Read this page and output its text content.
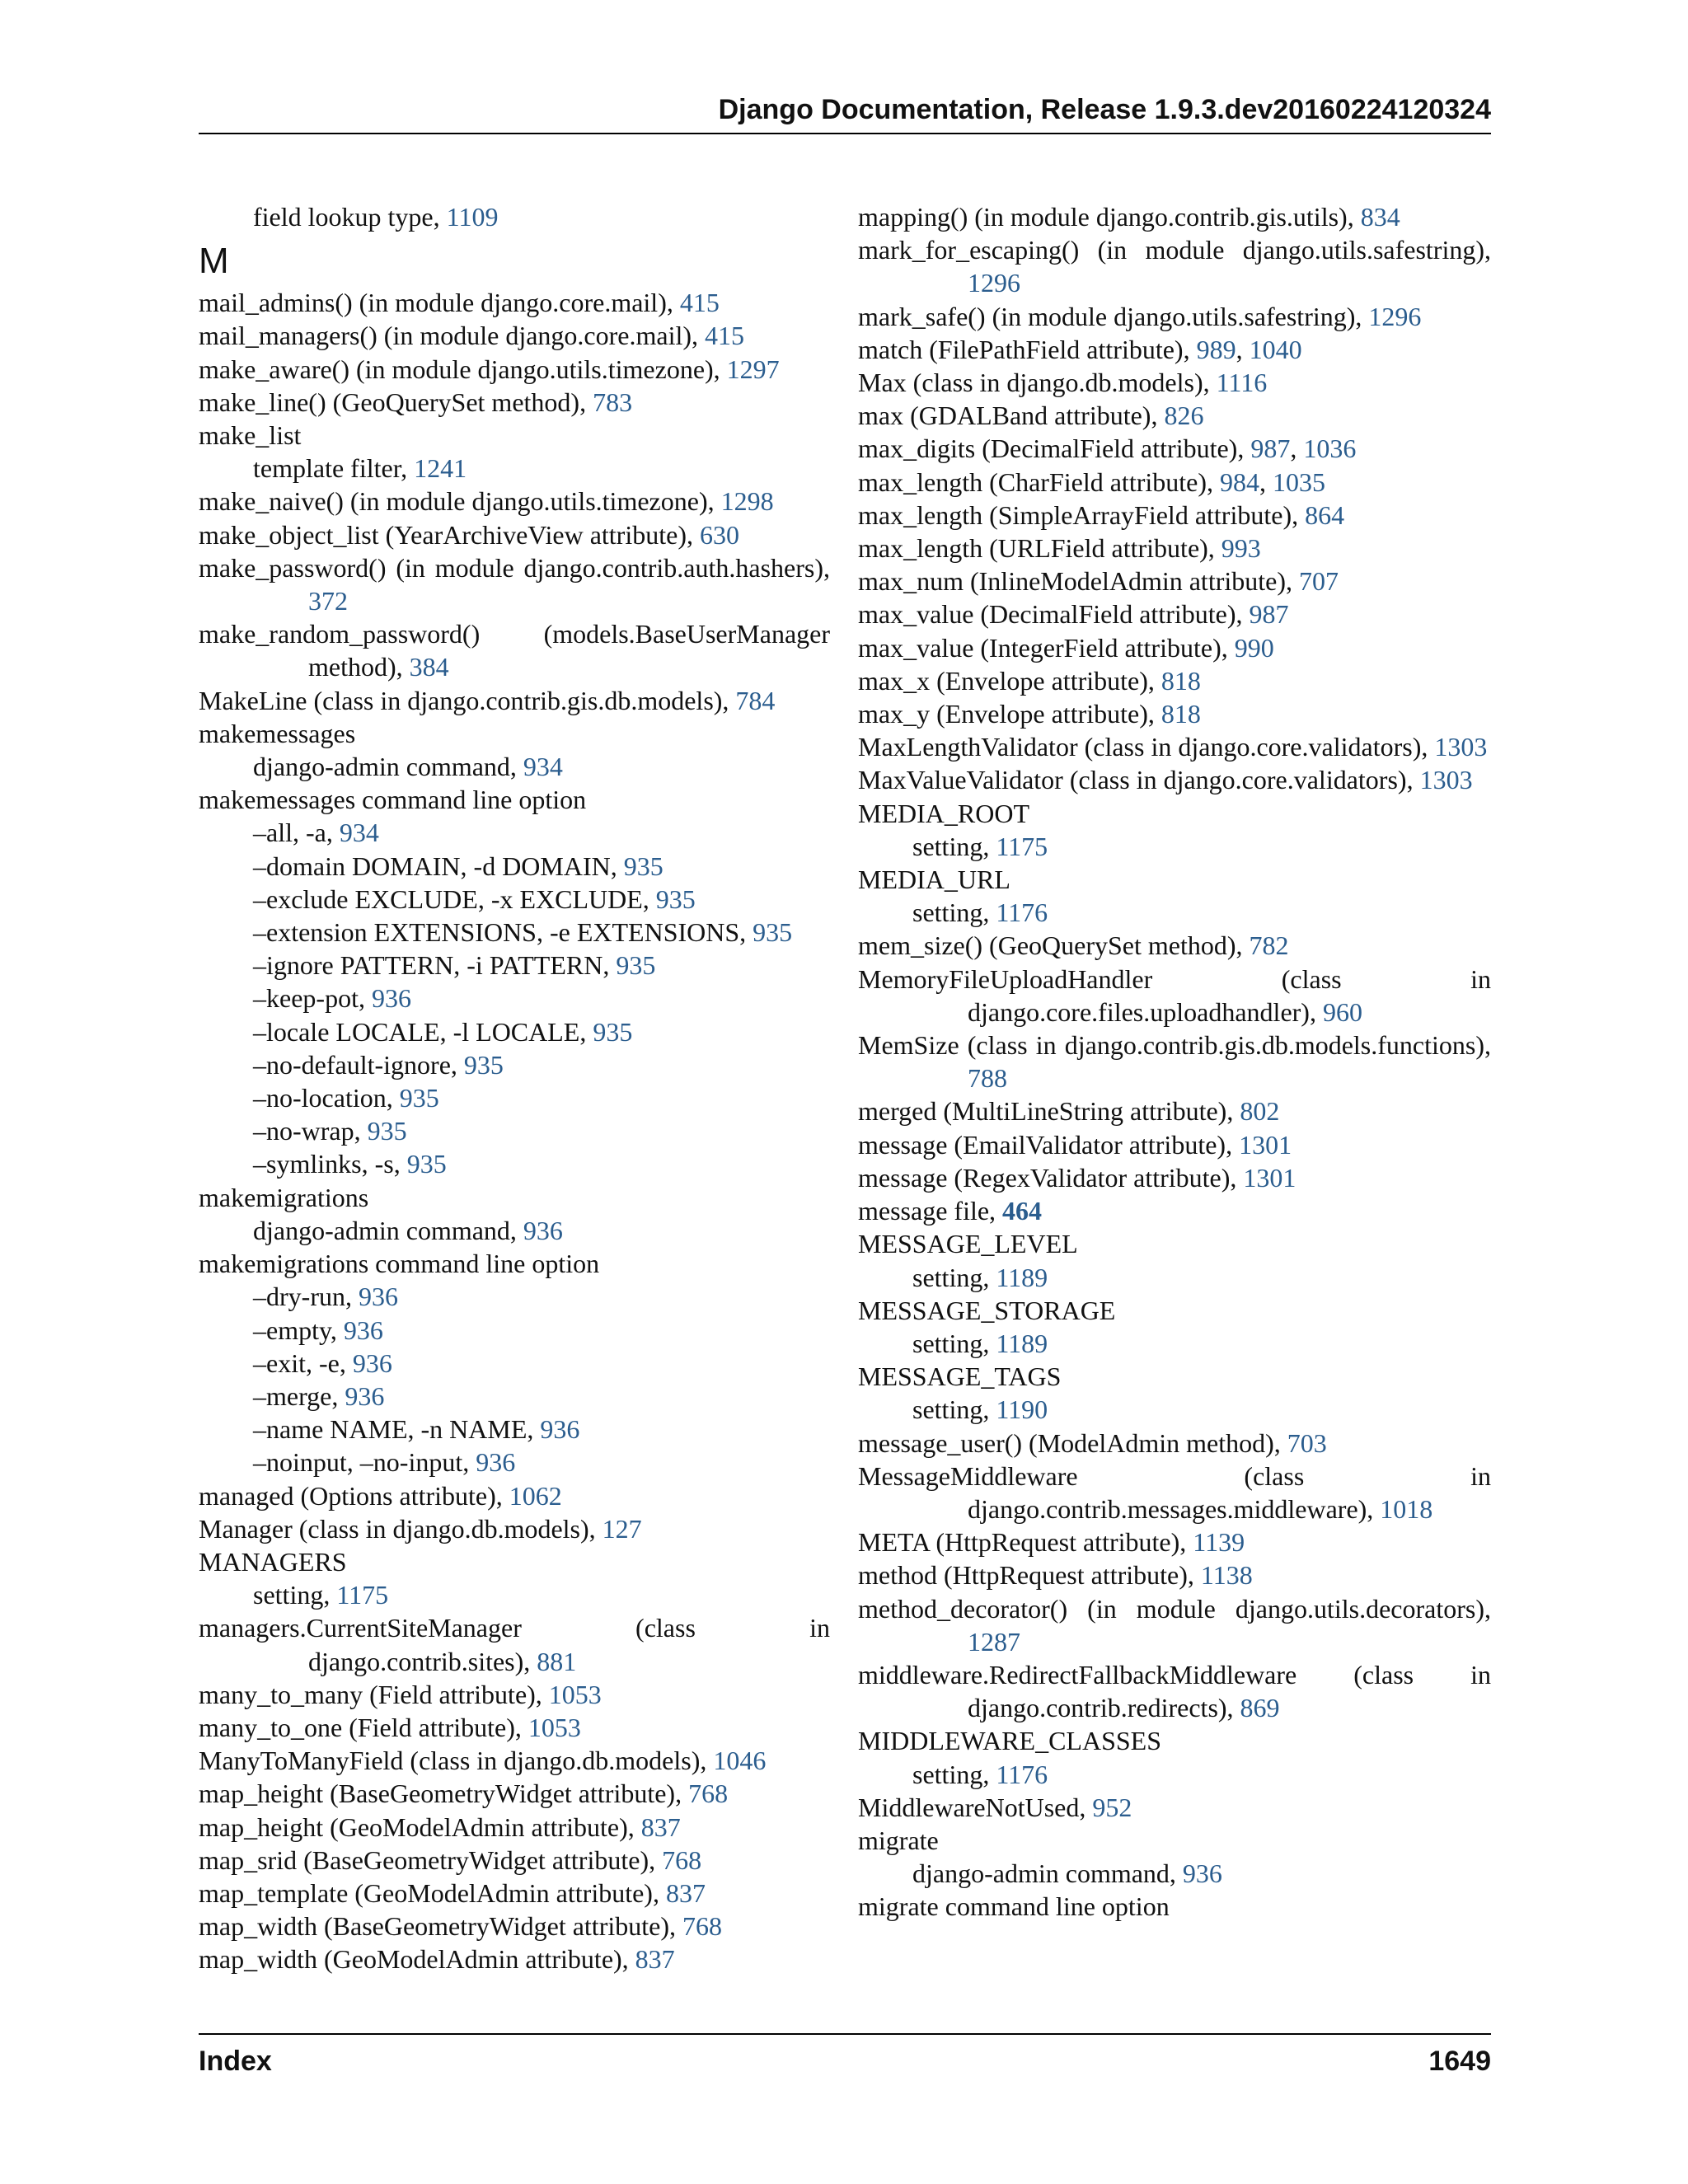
Django Documentation, Release 1.9.3.dev20160224120324
field lookup type, 1109
M
mail_admins() (in module django.core.mail), 415
mail_managers() (in module django.core.mail), 415
make_aware() (in module django.utils.timezone), 1297
make_line() (GeoQuerySet method), 783
make_list
template filter, 1241
make_naive() (in module django.utils.timezone), 1298
make_object_list (YearArchiveView attribute), 630
make_password() (in module django.contrib.auth.hashers), 372
make_random_password() (models.BaseUserManager method), 384
MakeLine (class in django.contrib.gis.db.models), 784
makemessages
django-admin command, 934
makemessages command line option
–all, -a, 934
–domain DOMAIN, -d DOMAIN, 935
–exclude EXCLUDE, -x EXCLUDE, 935
–extension EXTENSIONS, -e EXTENSIONS, 935
–ignore PATTERN, -i PATTERN, 935
–keep-pot, 936
–locale LOCALE, -l LOCALE, 935
–no-default-ignore, 935
–no-location, 935
–no-wrap, 935
–symlinks, -s, 935
makemigrations
django-admin command, 936
makemigrations command line option
–dry-run, 936
–empty, 936
–exit, -e, 936
–merge, 936
–name NAME, -n NAME, 936
–noinput, –no-input, 936
managed (Options attribute), 1062
Manager (class in django.db.models), 127
MANAGERS
setting, 1175
managers.CurrentSiteManager (class in django.contrib.sites), 881
many_to_many (Field attribute), 1053
many_to_one (Field attribute), 1053
ManyToManyField (class in django.db.models), 1046
map_height (BaseGeometryWidget attribute), 768
map_height (GeoModelAdmin attribute), 837
map_srid (BaseGeometryWidget attribute), 768
map_template (GeoModelAdmin attribute), 837
map_width (BaseGeometryWidget attribute), 768
map_width (GeoModelAdmin attribute), 837
mapping() (in module django.contrib.gis.utils), 834
mark_for_escaping() (in module django.utils.safestring), 1296
mark_safe() (in module django.utils.safestring), 1296
match (FilePathField attribute), 989, 1040
Max (class in django.db.models), 1116
max (GDALBand attribute), 826
max_digits (DecimalField attribute), 987, 1036
max_length (CharField attribute), 984, 1035
max_length (SimpleArrayField attribute), 864
max_length (URLField attribute), 993
max_num (InlineModelAdmin attribute), 707
max_value (DecimalField attribute), 987
max_value (IntegerField attribute), 990
max_x (Envelope attribute), 818
max_y (Envelope attribute), 818
MaxLengthValidator (class in django.core.validators), 1303
MaxValueValidator (class in django.core.validators), 1303
MEDIA_ROOT
setting, 1175
MEDIA_URL
setting, 1176
mem_size() (GeoQuerySet method), 782
MemoryFileUploadHandler (class in django.core.files.uploadhandler), 960
MemSize (class in django.contrib.gis.db.models.functions), 788
merged (MultiLineString attribute), 802
message (EmailValidator attribute), 1301
message (RegexValidator attribute), 1301
message file, 464
MESSAGE_LEVEL
setting, 1189
MESSAGE_STORAGE
setting, 1189
MESSAGE_TAGS
setting, 1190
message_user() (ModelAdmin method), 703
MessageMiddleware (class in django.contrib.messages.middleware), 1018
META (HttpRequest attribute), 1139
method (HttpRequest attribute), 1138
method_decorator() (in module django.utils.decorators), 1287
middleware.RedirectFallbackMiddleware (class in django.contrib.redirects), 869
MIDDLEWARE_CLASSES
setting, 1176
MiddlewareNotUsed, 952
migrate
django-admin command, 936
migrate command line option
Index	1649
